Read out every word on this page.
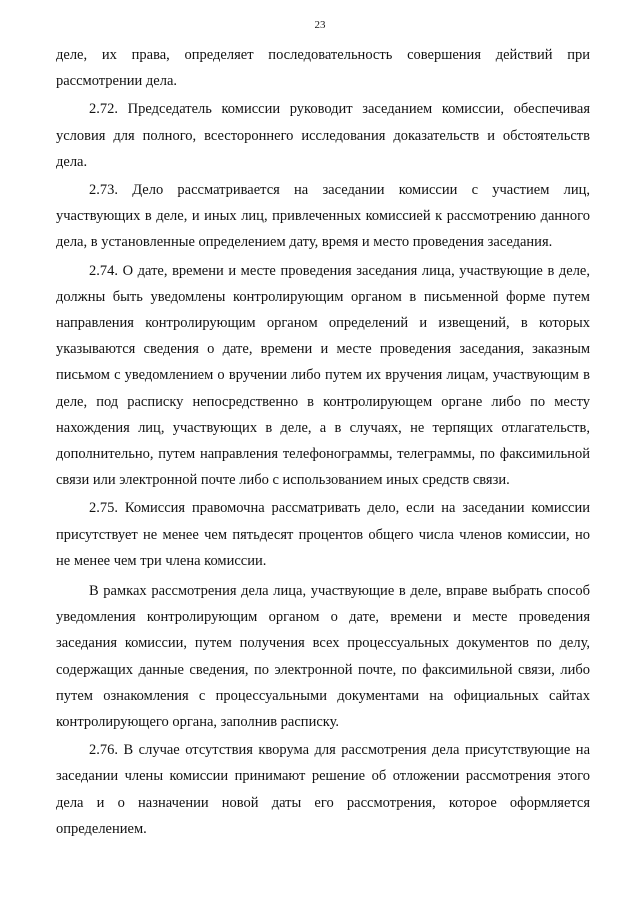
23

деле, их права, определяет последовательность совершения действий при рассмотрении дела.

2.72. Председатель комиссии руководит заседанием комиссии, обеспечивая условия для полного, всестороннего исследования доказательств и обстоятельств дела.

2.73. Дело рассматривается на заседании комиссии с участием лиц, участвующих в деле, и иных лиц, привлеченных комиссией к рассмотрению данного дела, в установленные определением дату, время и место проведения заседания.

2.74. О дате, времени и месте проведения заседания лица, участвующие в деле, должны быть уведомлены контролирующим органом в письменной форме путем направления контролирующим органом определений и извещений, в которых указываются сведения о дате, времени и месте проведения заседания, заказным письмом с уведомлением о вручении либо путем их вручения лицам, участвующим в деле, под расписку непосредственно в контролирующем органе либо по месту нахождения лиц, участвующих в деле, а в случаях, не терпящих отлагательств, дополнительно, путем направления телефонограммы, телеграммы, по факсимильной связи или электронной почте либо с использованием иных средств связи.

2.75. Комиссия правомочна рассматривать дело, если на заседании комиссии присутствует не менее чем пятьдесят процентов общего числа членов комиссии, но не менее чем три члена комиссии.

В рамках рассмотрения дела лица, участвующие в деле, вправе выбрать способ уведомления контролирующим органом о дате, времени и месте проведения заседания комиссии, путем получения всех процессуальных документов по делу, содержащих данные сведения, по электронной почте, по факсимильной связи, либо путем ознакомления с процессуальными документами на официальных сайтах контролирующего органа, заполнив расписку.

2.76. В случае отсутствия кворума для рассмотрения дела присутствующие на заседании члены комиссии принимают решение об отложении рассмотрения этого дела и о назначении новой даты его рассмотрения, которое оформляется определением.
